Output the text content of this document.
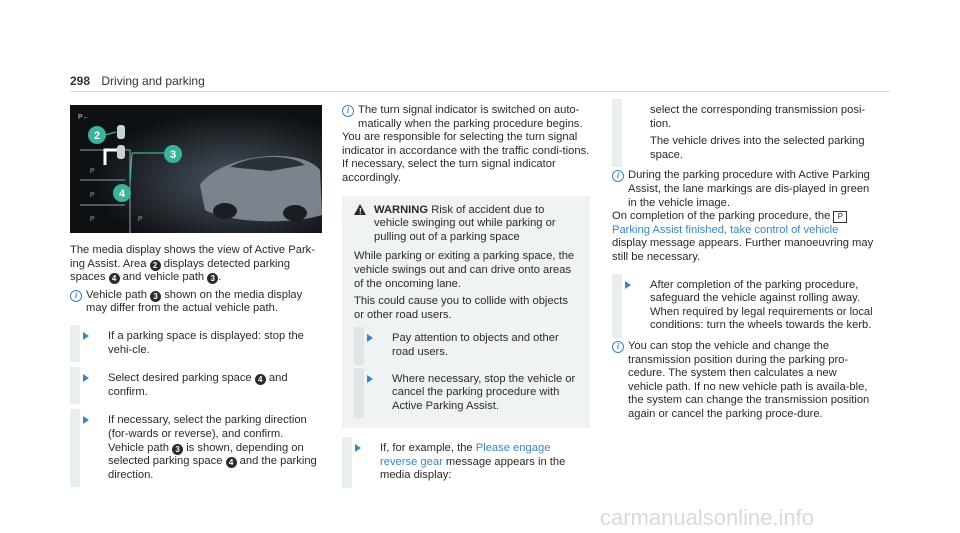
298 Driving and parking
2
3
4
P←
P
P
P	P

The media display shows the view of Active Park-ing Assist. Area 2 displays detected parking spaces 4 and vehicle path 3 .

i Vehicle path 3 shown on the media display may differ from the actual vehicle path.
If a parking space is displayed: stop the vehi-cle.
Select desired parking space 4 and confirm.
If necessary, select the parking direction (for-wards or reverse), and confirm.
Vehicle path 3 is shown, depending on selected parking space 4 and the parking direction.
i The turn signal indicator is switched on auto-matically when the parking procedure begins.

You are responsible for selecting the turn signal indicator in accordance with the traffic condi-tions. If necessary, select the turn signal indicator accordingly.

!
WARNING Risk of accident due to vehicle swinging out while parking or pulling out of a parking space

While parking or exiting a parking space, the vehicle swings out and can drive onto areas of the oncoming lane.

This could cause you to collide with objects or other road users.

Pay attention to objects and other road users.
Where necessary, stop the vehicle or cancel the parking procedure with Active Parking Assist.
If, for example, the Please engage reverse gear message appears in the media display:

select the corresponding transmission posi-tion.

The vehicle drives into the selected parking space.

i During the parking procedure with Active Parking Assist, the lane markings are dis-played in green in the vehicle image.

On completion of the parking procedure, the P Parking Assist finished, take control of vehicle display message appears. Further manoeuvring may still be necessary.

After completion of the parking procedure, safeguard the vehicle against rolling away.
When required by legal requirements or local conditions: turn the wheels towards the kerb.
i You can stop the vehicle and change the transmission position during the parking pro-cedure. The system then calculates a new vehicle path. If no new vehicle path is availa-ble, the system can change the transmission position again or cancel the parking proce-dure.
carmanualsonline.info
